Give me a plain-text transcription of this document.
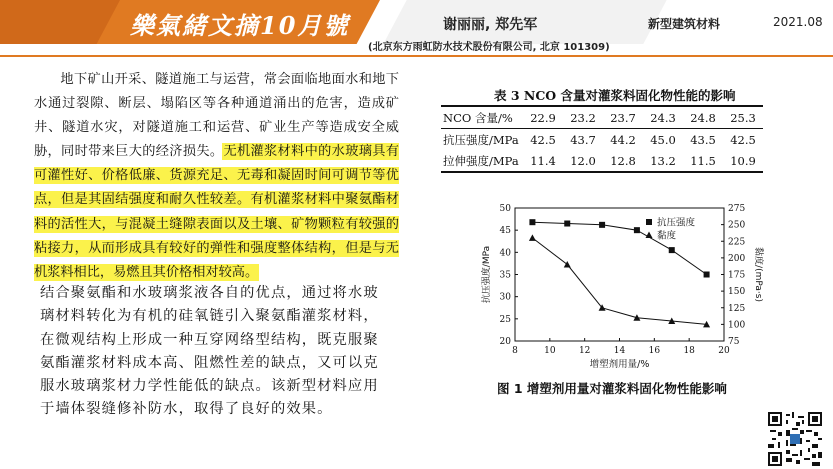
樂氣緒文摘10月號	谢丽丽, 郑先军	新型建筑材料	2021.08
(北京东方雨虹防水技术股份有限公司, 北京 101309)

地下矿山开采、隧道施工与运营，常会面临地面水和地下水通过裂隙、断层、塌陷区等各种通道涌出的危害，造成矿井、隧道水灾，对隧道施工和运营、矿业生产等造成安全威胁，同时带来巨大的经济损失。无机灌浆材料中的水玻璃具有可灌性好、价格低廉、货源充足、无毒和凝固时间可调节等优点，但是其固结强度和耐久性较差。有机灌浆材料中聚氨酯材料的活性大，与混凝土缝隙表面以及土壤、矿物颗粒有较强的粘接力，从而形成具有较好的弹性和强度整体结构，但是与无机浆料相比，易燃且其价格相对较高。

结合聚氨酯和水玻璃浆液各自的优点，通过将水玻璃材料转化为有机的硅氧链引入聚氨酯灌浆材料，在微观结构上形成一种互穿网络型结构，既克服聚氨酯灌浆材料成本高、阻燃性差的缺点，又可以克服水玻璃浆材力学性能低的缺点。该新型材料应用于墙体裂缝修补防水，取得了良好的效果。
表 3 NCO 含量对灌浆料固化物性能的影响
NCO 含量/%	22.9	23.2	23.7	24.3	24.8	25.3
抗压强度/MPa	42.5	43.7	44.2	45.0	43.5	42.5
拉伸强度/MPa	11.4	12.0	12.8	13.2	11.5	10.9
8	10	12	14	16	18	20
20
25
30
35
40
45
50
75
100
125
150
175
200
225
250
275
增塑剂用量/%
抗压强度/MPa	黏度/(mPa·s)
抗压强度
黏度
图 1 增塑剂用量对灌浆料固化物性能影响
